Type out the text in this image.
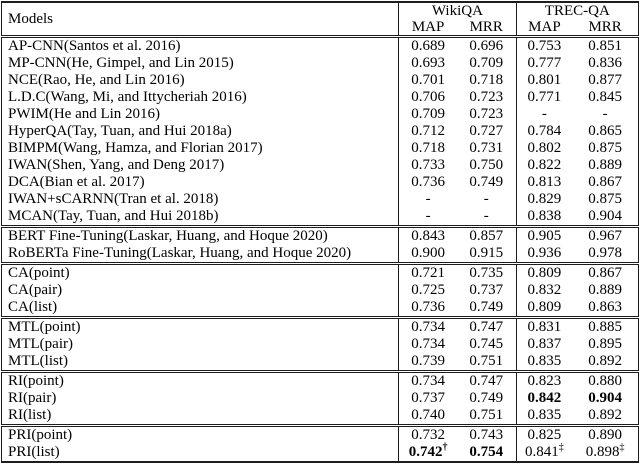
Models	WikiQA		TREC-QA	
	MAP	MRR	MAP	MRR
AP-CNN(Santos et al. 2016)	0.689	0.696	0.753	0.851
MP-CNN(He, Gimpel, and Lin 2015)	0.693	0.709	0.777	0.836
NCE(Rao, He, and Lin 2016)	0.701	0.718	0.801	0.877
L.D.C(Wang, Mi, and Ittycheriah 2016)	0.706	0.723	0.771	0.845
PWIM(He and Lin 2016)	0.709	0.723	-	-
HyperQA(Tay, Tuan, and Hui 2018a)	0.712	0.727	0.784	0.865
BIMPM(Wang, Hamza, and Florian 2017)	0.718	0.731	0.802	0.875
IWAN(Shen, Yang, and Deng 2017)	0.733	0.750	0.822	0.889
DCA(Bian et al. 2017)	0.736	0.749	0.813	0.867
IWAN+sCARNN(Tran et al. 2018)	-	-	0.829	0.875
MCAN(Tay, Tuan, and Hui 2018b)	-	-	0.838	0.904
BERT Fine-Tuning(Laskar, Huang, and Hoque 2020)	0.843	0.857	0.905	0.967
RoBERTa Fine-Tuning(Laskar, Huang, and Hoque 2020)	0.900	0.915	0.936	0.978
CA(point)	0.721	0.735	0.809	0.867
CA(pair)	0.725	0.737	0.832	0.889
CA(list)	0.736	0.749	0.809	0.863
MTL(point)	0.734	0.747	0.831	0.885
MTL(pair)	0.734	0.745	0.837	0.895
MTL(list)	0.739	0.751	0.835	0.892
RI(point)	0.734	0.747	0.823	0.880
RI(pair)	0.737	0.749	0.842	0.904
RI(list)	0.740	0.751	0.835	0.892
PRI(point)	0.732	0.743	0.825	0.890
PRI(list)	0.742†	0.754	0.841‡	0.898‡
